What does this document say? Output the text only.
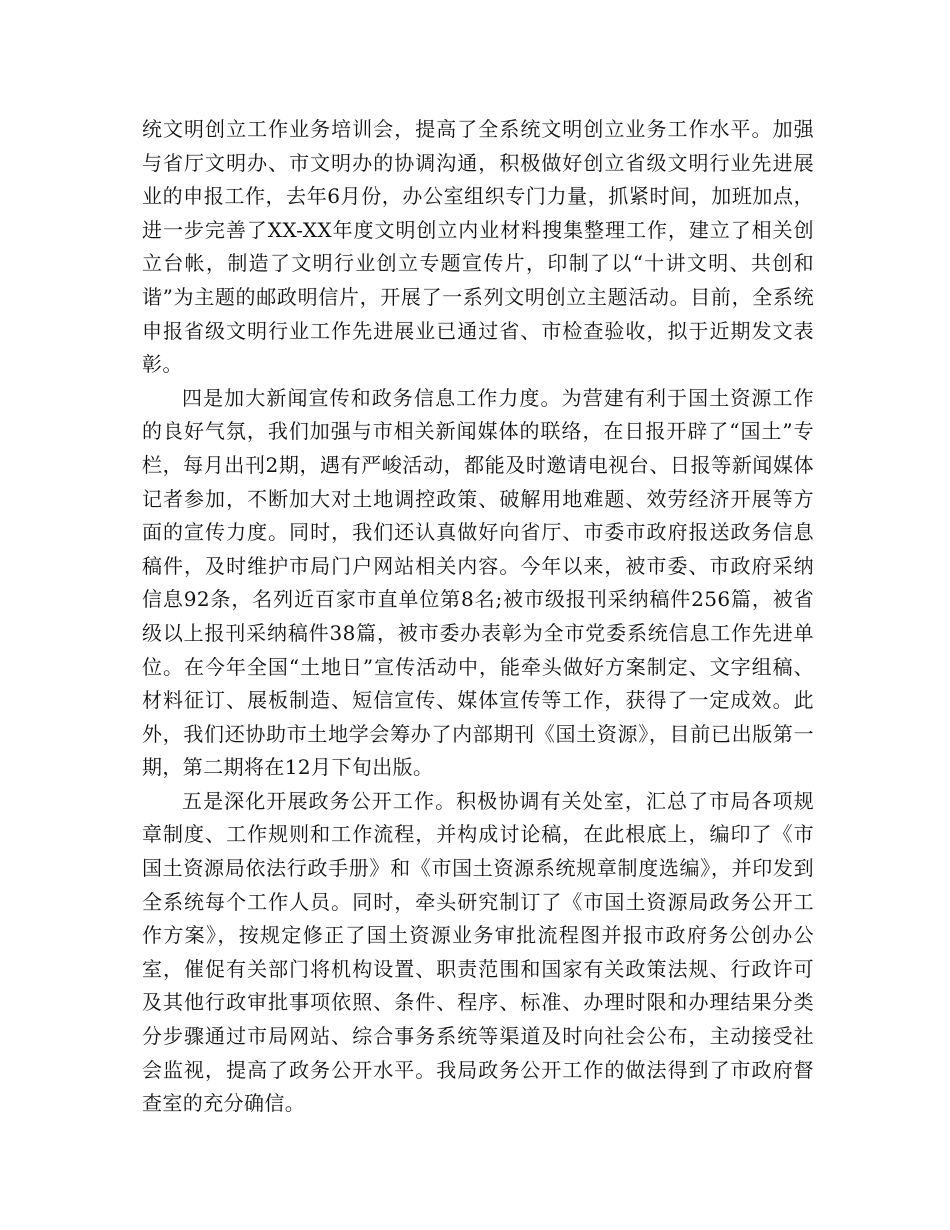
统文明创立工作业务培训会，提高了全系统文明创立业务工作水平。加强与省厅文明办、市文明办的协调沟通，积极做好创立省级文明行业先进展业的申报工作，去年6月份，办公室组织专门力量，抓紧时间，加班加点，进一步完善了XX-XX年度文明创立内业材料搜集整理工作，建立了相关创立台帐，制造了文明行业创立专题宣传片，印制了以“十讲文明、共创和谐”为主题的邮政明信片，开展了一系列文明创立主题活动。目前，全系统申报省级文明行业工作先进展业已通过省、市检查验收，拟于近期发文表彰。

四是加大新闻宣传和政务信息工作力度。为营建有利于国土资源工作的良好气氛，我们加强与市相关新闻媒体的联络，在日报开辟了“国土”专栏，每月出刊2期，遇有严峻活动，都能及时邀请电视台、日报等新闻媒体记者参加，不断加大对土地调控政策、破解用地难题、效劳经济开展等方面的宣传力度。同时，我们还认真做好向省厅、市委市政府报送政务信息稿件，及时维护市局门户网站相关内容。今年以来，被市委、市政府采纳信息92条，名列近百家市直单位第8名;被市级报刊采纳稿件256篇，被省级以上报刊采纳稿件38篇，被市委办表彰为全市党委系统信息工作先进单位。在今年全国“土地日”宣传活动中，能牵头做好方案制定、文字组稿、材料征订、展板制造、短信宣传、媒体宣传等工作，获得了一定成效。此外，我们还协助市土地学会筹办了内部期刊《国土资源》，目前已出版第一期，第二期将在12月下旬出版。

五是深化开展政务公开工作。积极协调有关处室，汇总了市局各项规章制度、工作规则和工作流程，并构成讨论稿，在此根底上，编印了《市国土资源局依法行政手册》和《市国土资源系统规章制度选编》，并印发到全系统每个工作人员。同时，牵头研究制订了《市国土资源局政务公开工作方案》，按规定修正了国土资源业务审批流程图并报市政府务公创办公室，催促有关部门将机构设置、职责范围和国家有关政策法规、行政许可及其他行政审批事项依照、条件、程序、标准、办理时限和办理结果分类分步骤通过市局网站、综合事务系统等渠道及时向社会公布，主动接受社会监视，提高了政务公开水平。我局政务公开工作的做法得到了市政府督查室的充分确信。
